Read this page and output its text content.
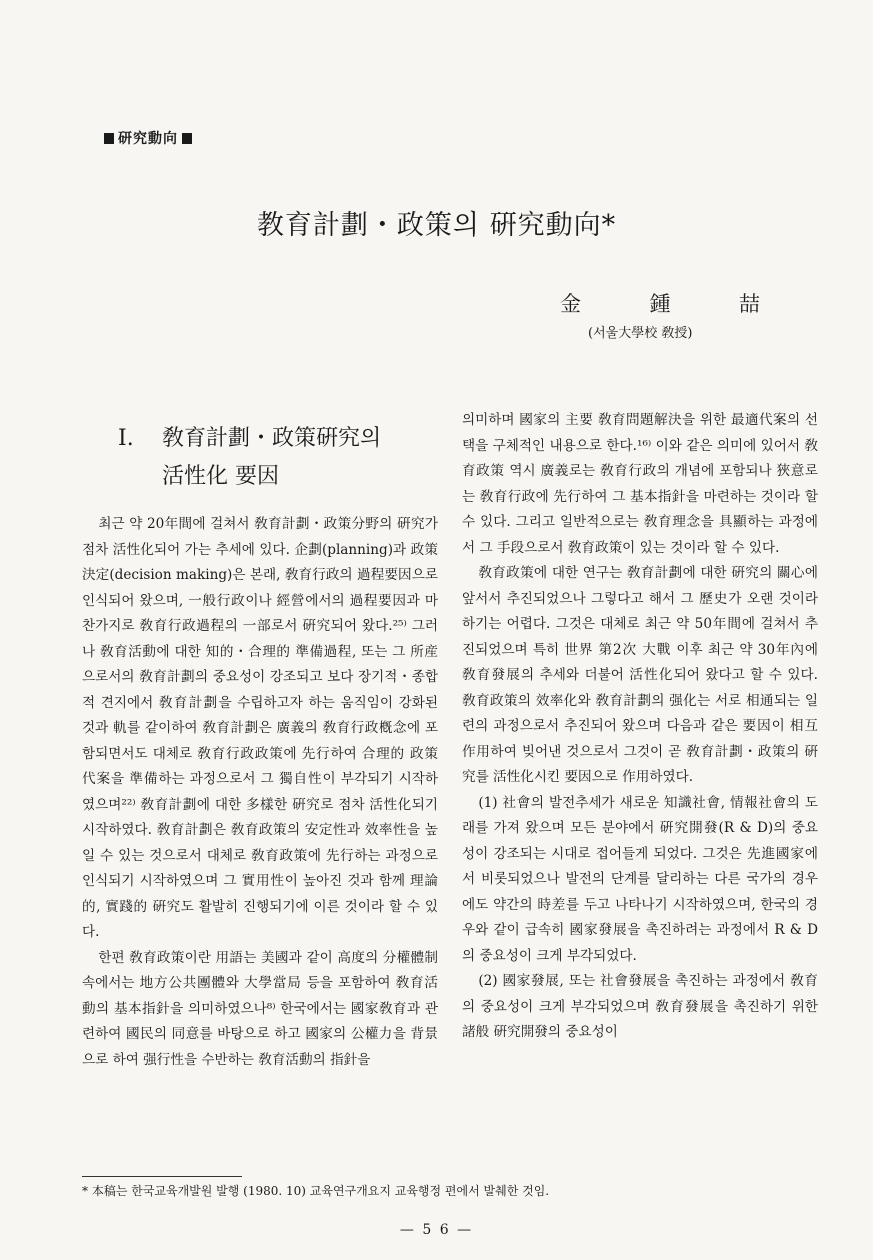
研究動向
教育計劃・政策의 硏究動向*
金	鍾	喆
(서울大學校 敎授)
Ⅰ. 敎育計劃・政策硏究의
活性化 要因

최근 약 20年間에 걸쳐서 敎育計劃・政策分野의 硏究가 점차 活性化되어 가는 추세에 있다. 企劃(planning)과 政策決定(decision making)은 본래, 敎育行政의 過程要因으로 인식되어 왔으며, 一般行政이나 經營에서의 過程要因과 마찬가지로 敎育行政過程의 一部로서 硏究되어 왔다.²⁵⁾ 그러나 敎育活動에 대한 知的・合理的 準備過程, 또는 그 所産으로서의 敎育計劃의 중요성이 강조되고 보다 장기적・종합적 견지에서 敎育計劃을 수립하고자 하는 움직임이 강화된 것과 軌를 같이하여 敎育計劃은 廣義의 敎育行政槪念에 포함되면서도 대체로 敎育行政政策에 先行하여 合理的 政策代案을 準備하는 과정으로서 그 獨自性이 부각되기 시작하였으며²²⁾ 敎育計劃에 대한 多樣한 硏究로 점차 活性化되기 시작하였다. 敎育計劃은 敎育政策의 安定性과 效率性을 높일 수 있는 것으로서 대체로 敎育政策에 先行하는 과정으로 인식되기 시작하였으며 그 實用性이 높아진 것과 함께 理論的, 實踐的 硏究도 활발히 진행되기에 이른 것이라 할 수 있다.

한편 敎育政策이란 用語는 美國과 같이 高度의 分權體制 속에서는 地方公共團體와 大學當局 등을 포함하여 敎育活動의 基本指針을 의미하였으나⁸⁾ 한국에서는 國家敎育과 관련하여 國民의 同意를 바탕으로 하고 國家의 公權力을 背景으로 하여 强行性을 수반하는 敎育活動의 指針을

의미하며 國家의 主要 敎育問題解決을 위한 最適代案의 선택을 구체적인 내용으로 한다.¹⁶⁾ 이와 같은 의미에 있어서 敎育政策 역시 廣義로는 敎育行政의 개념에 포함되나 狹意로는 敎育行政에 先行하여 그 基本指針을 마련하는 것이라 할 수 있다. 그리고 일반적으로는 敎育理念을 具顯하는 과정에서 그 手段으로서 敎育政策이 있는 것이라 할 수 있다.

敎育政策에 대한 연구는 敎育計劃에 대한 硏究의 關心에 앞서서 추진되었으나 그렇다고 해서 그 歷史가 오랜 것이라 하기는 어렵다. 그것은 대체로 최근 약 50年間에 걸쳐서 추진되었으며 특히 世界 第2次 大戰 이후 최근 약 30年內에 敎育發展의 추세와 더불어 活性化되어 왔다고 할 수 있다. 敎育政策의 效率化와 敎育計劃의 强化는 서로 相通되는 일련의 과정으로서 추진되어 왔으며 다음과 같은 要因이 相互作用하여 빚어낸 것으로서 그것이 곧 敎育計劃・政策의 硏究를 活性化시킨 要因으로 作用하였다.

(1) 社會의 발전추세가 새로운 知識社會, 情報社會의 도래를 가져 왔으며 모든 분야에서 硏究開發(R & D)의 중요성이 강조되는 시대로 접어들게 되었다. 그것은 先進國家에서 비롯되었으나 발전의 단계를 달리하는 다른 국가의 경우에도 약간의 時差를 두고 나타나기 시작하였으며, 한국의 경우와 같이 급속히 國家發展을 촉진하려는 과정에서 R & D의 중요성이 크게 부각되었다.

(2) 國家發展, 또는 社會發展을 촉진하는 과정에서 敎育의 중요성이 크게 부각되었으며 敎育發展을 촉진하기 위한 諸般 硏究開發의 중요성이

* 本稿는 한국교육개발원 발행 (1980. 10) 교육연구개요지 교육행정 편에서 발췌한 것임.
— 5 6 —
